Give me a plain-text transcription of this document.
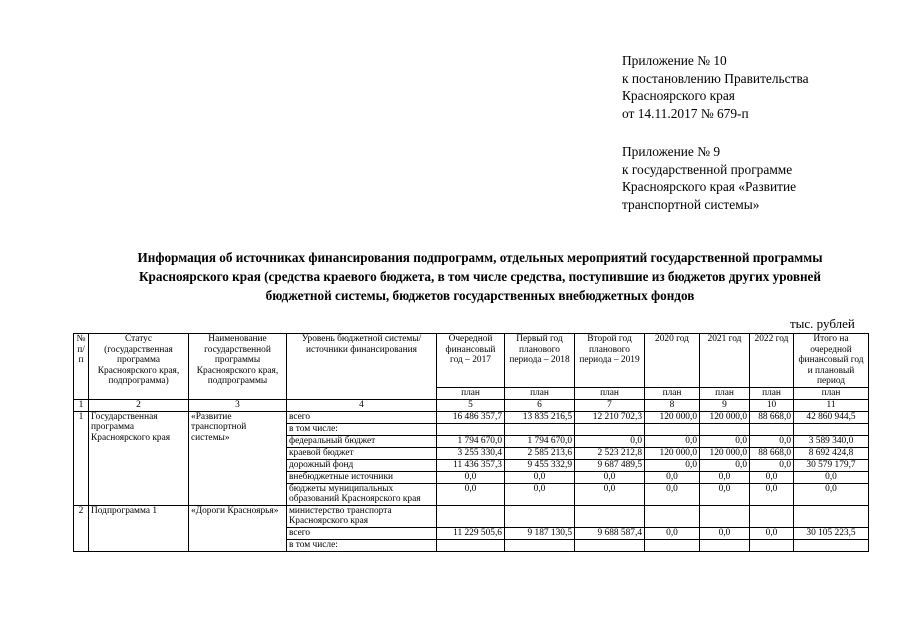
Приложение № 10
к постановлению Правительства
Красноярского края
от 14.11.2017 № 679-п
Приложение № 9
к государственной программе
Красноярского края «Развитие
транспортной системы»
Информация об источниках финансирования подпрограмм, отдельных мероприятий государственной программы
Красноярского края (средства краевого бюджета, в том числе средства, поступившие из бюджетов других уровней
бюджетной системы, бюджетов государственных внебюджетных фондов
тыс. рублей
№ п/п	Статус (государственная программа Красноярского края, подпрограмма)	Наименование государственной программы Красноярского края, подпрограммы	Уровень бюджетной системы/ источники финансирования	Очередной финансовый год – 2017	Первый год планового периода – 2018	Второй год планового периода – 2019	2020 год	2021 год	2022 год	Итого на очередной финансовый год и плановый период
				план	план	план	план	план	план	план
1	2	3	4	5	6	7	8	9	10	11
1	Государственная программа Красноярского края	«Развитие транспортной системы»	всего	16 486 357,7	13 835 216,5	12 210 702,3	120 000,0	120 000,0	88 668,0	42 860 944,5
			в том числе:							
			федеральный бюджет	1 794 670,0	1 794 670,0	0,0	0,0	0,0	0,0	3 589 340,0
			краевой бюджет	3 255 330,4	2 585 213,6	2 523 212,8	120 000,0	120 000,0	88 668,0	8 692 424,8
			дорожный фонд	11 436 357,3	9 455 332,9	9 687 489,5	0,0	0,0	0,0	30 579 179,7
			внебюджетные источники	0,0	0,0	0,0	0,0	0,0	0,0	0,0
			бюджеты муниципальных образований Красноярского края	0,0	0,0	0,0	0,0	0,0	0,0	0,0
2	Подпрограмма 1	«Дороги Красноярья»	министерство транспорта Красноярского края							
			всего	11 229 505,6	9 187 130,5	9 688 587,4	0,0	0,0	0,0	30 105 223,5
			в том числе:							
